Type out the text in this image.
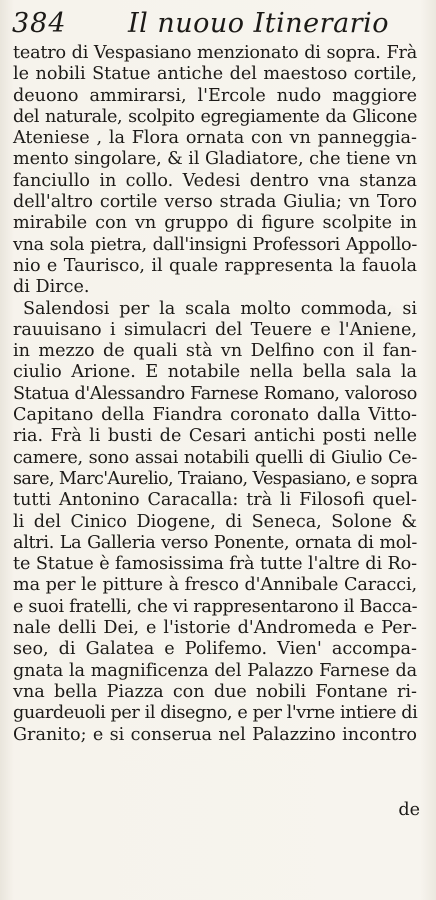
384 Il nuouo Itinerario
teatro di Vespasiano menzionato di sopra. Frà
le nobili Statue antiche del maestoso cortile,
deuono ammirarsi, l'Ercole nudo maggiore
del naturale, scolpito egregiamente da Glicone
Ateniese , la Flora ornata con vn panneggia-
mento singolare, & il Gladiatore, che tiene vn
fanciullo in collo. Vedesi dentro vna stanza
dell'altro cortile verso strada Giulia; vn Toro
mirabile con vn gruppo di figure scolpite in
vna sola pietra, dall'insigni Professori Appollo-
nio e Taurisco, il quale rappresenta la fauola
di Dirce.
Salendosi per la scala molto commoda, si
rauuisano i simulacri del Teuere e l'Aniene,
in mezzo de quali stà vn Delfino con il fan-
ciulio Arione. E notabile nella bella sala la
Statua d'Alessandro Farnese Romano, valoroso
Capitano della Fiandra coronato dalla Vitto-
ria. Frà li busti de Cesari antichi posti nelle
camere, sono assai notabili quelli di Giulio Ce-
sare, Marc'Aurelio, Traiano, Vespasiano, e sopra
tutti Antonino Caracalla: trà li Filosofi quel-
li del Cinico Diogene, di Seneca, Solone &
altri. La Galleria verso Ponente, ornata di mol-
te Statue è famosissima frà tutte l'altre di Ro-
ma per le pitture à fresco d'Annibale Caracci,
e suoi fratelli, che vi rappresentarono il Bacca-
nale delli Dei, e l'istorie d'Andromeda e Per-
seo, di Galatea e Polifemo. Vien' accompa-
gnata la magnificenza del Palazzo Farnese da
vna bella Piazza con due nobili Fontane ri-
guardeuoli per il disegno, e per l'vrne intiere di
Granito; e si conserua nel Palazzino incontro
de
